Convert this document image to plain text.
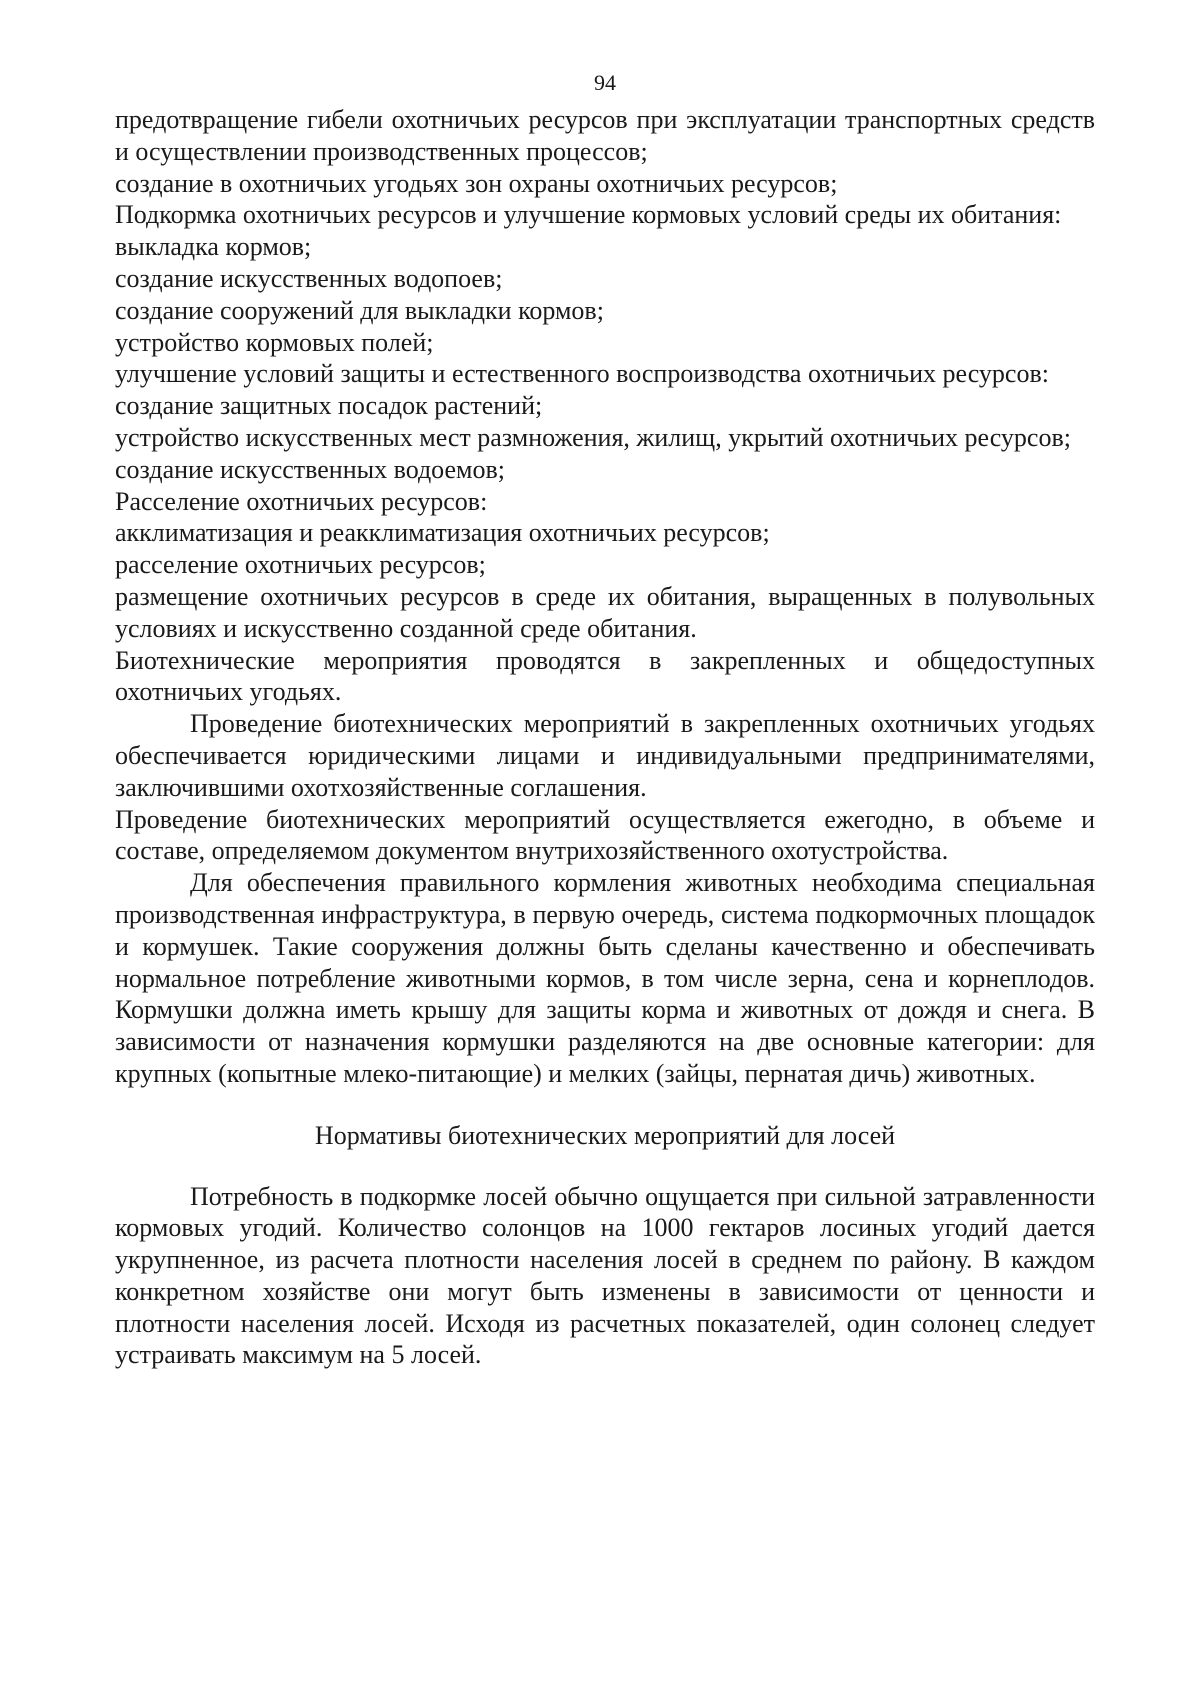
94

предотвращение гибели охотничьих ресурсов при эксплуатации транспортных средств и осуществлении производственных процессов;

создание в охотничьих угодьях зон охраны охотничьих ресурсов;

Подкормка охотничьих ресурсов и улучшение кормовых условий среды их обитания:

выкладка кормов;

создание искусственных водопоев;

создание сооружений для выкладки кормов;

устройство кормовых полей;

улучшение условий защиты и естественного воспроизводства охотничьих ресурсов:

создание защитных посадок растений;

устройство искусственных мест размножения, жилищ, укрытий охотничьих ресурсов;

создание искусственных водоемов;

Расселение охотничьих ресурсов:

акклиматизация и реакклиматизация охотничьих ресурсов;

расселение охотничьих ресурсов;

размещение охотничьих ресурсов в среде их обитания, выращенных в полувольных условиях и искусственно созданной среде обитания.

Биотехнические мероприятия проводятся в закрепленных и общедоступных охотничьих угодьях.

Проведение биотехнических мероприятий в закрепленных охотничьих угодьях обеспечивается юридическими лицами и индивидуальными предпринимателями, заключившими охотхозяйственные соглашения.

Проведение биотехнических мероприятий осуществляется ежегодно, в объеме и составе, определяемом документом внутрихозяйственного охотустройства.

Для обеспечения правильного кормления животных необходима специальная производственная инфраструктура, в первую очередь, система подкормочных площадок и кормушек. Такие сооружения должны быть сделаны качественно и обеспечивать нормальное потребление животными кормов, в том числе зерна, сена и корнеплодов. Кормушки должна иметь крышу для защиты корма и животных от дождя и снега. В зависимости от назначения кормушки разделяются на две основные категории: для крупных (копытные млеко-питающие) и мелких (зайцы, пернатая дичь) животных.

Нормативы биотехнических мероприятий для лосей

Потребность в подкормке лосей обычно ощущается при сильной затравленности кормовых угодий. Количество солонцов на 1000 гектаров лосиных угодий дается укрупненное, из расчета плотности населения лосей в среднем по району. В каждом конкретном хозяйстве они могут быть изменены в зависимости от ценности и плотности населения лосей. Исходя из расчетных показателей, один солонец следует устраивать максимум на 5 лосей.
